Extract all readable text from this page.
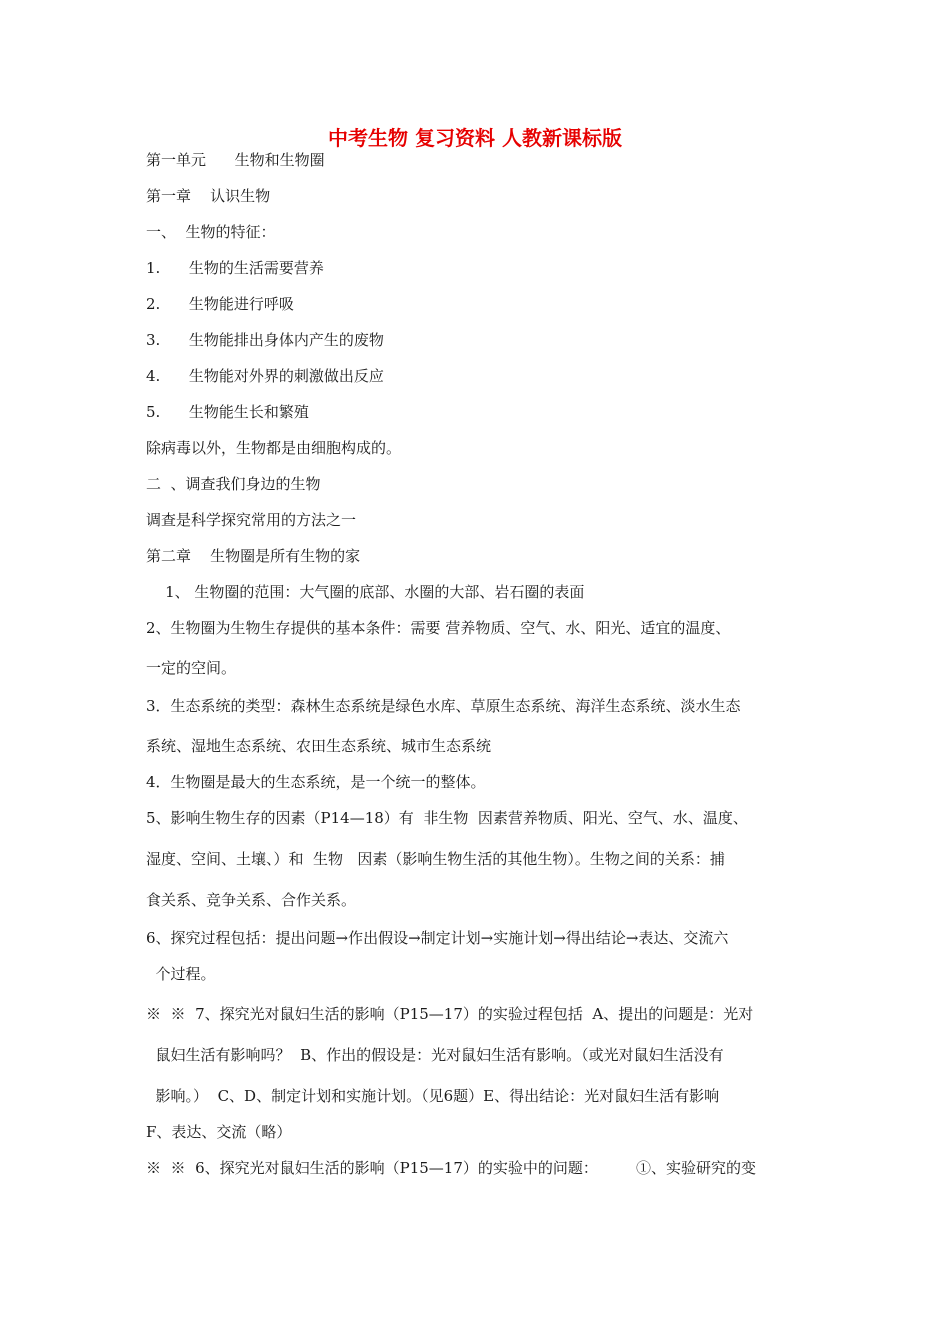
中考生物 复习资料 人教新课标版
第一单元      生物和生物圈
第一章    认识生物
一、  生物的特征：
1.      生物的生活需要营养
2.      生物能进行呼吸
3.      生物能排出身体内产生的废物
4.      生物能对外界的刺激做出反应
5.      生物能生长和繁殖
除病毒以外，生物都是由细胞构成的。
二  、调查我们身边的生物
调查是科学探究常用的方法之一
第二章    生物圈是所有生物的家
1、 生物圈的范围：大气圈的底部、水圈的大部、岩石圈的表面
2、生物圈为生物生存提供的基本条件：需要 营养物质、空气、水、阳光、适宜的温度、
一定的空间。
3．生态系统的类型：森林生态系统是绿色水库、草原生态系统、海洋生态系统、淡水生态
系统、湿地生态系统、农田生态系统、城市生态系统
4．生物圈是最大的生态系统，是一个统一的整体。
5、影响生物生存的因素（P14—18）有  非生物  因素营养物质、阳光、空气、水、温度、
湿度、空间、土壤、）和  生物   因素（影响生物生活的其他生物）。生物之间的关系：捕
食关系、竞争关系、合作关系。
6、探究过程包括：提出问题→作出假设→制定计划→实施计划→得出结论→表达、交流六
个过程。
※  ※  7、探究光对鼠妇生活的影响（P15—17）的实验过程包括  A、提出的问题是：光对
鼠妇生活有影响吗？  B、作出的假设是：光对鼠妇生活有影响。（或光对鼠妇生活没有
影响。）  C、D、制定计划和实施计划。（见6题）E、得出结论：光对鼠妇生活有影响
F、表达、交流（略）
※  ※  6、探究光对鼠妇生活的影响（P15—17）的实验中的问题：        ①、实验研究的变
